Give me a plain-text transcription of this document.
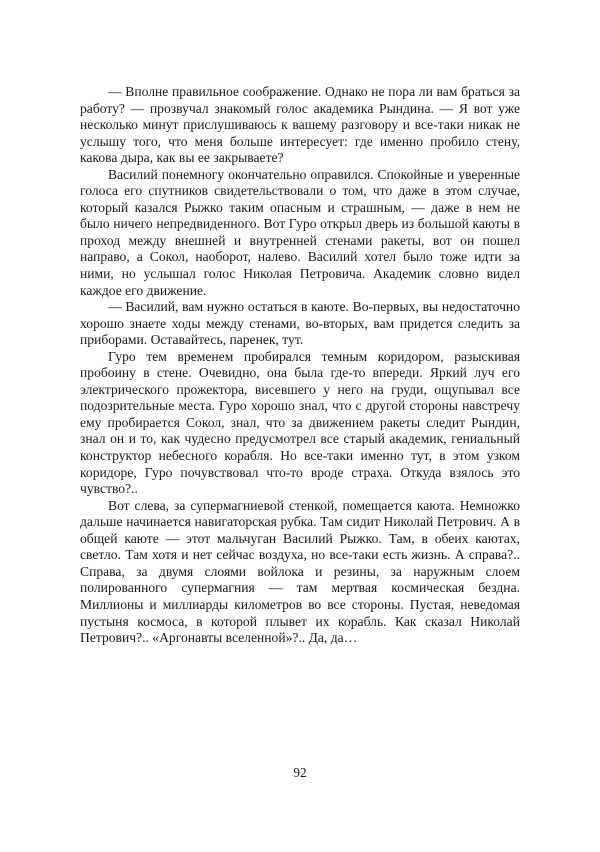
— Вполне правильное соображение. Однако не пора ли вам браться за работу? — прозвучал знакомый голос академика Рындина. — Я вот уже несколько минут прислушиваюсь к вашему разговору и все-таки никак не услышу того, что меня больше интересует: где именно пробило стену, какова дыра, как вы ее закрываете?

Василий понемногу окончательно оправился. Спокойные и уверенные голоса его спутников свидетельствовали о том, что даже в этом случае, который казался Рыжко таким опасным и страшным, — даже в нем не было ничего непредвиденного. Вот Гуро открыл дверь из большой каюты в проход между внешней и внутренней стенами ракеты, вот он пошел направо, а Сокол, наоборот, налево. Василий хотел было тоже идти за ними, но услышал голос Николая Петровича. Академик словно видел каждое его движение.

— Василий, вам нужно остаться в каюте. Во-первых, вы недостаточно хорошо знаете ходы между стенами, во-вторых, вам придется следить за приборами. Оставайтесь, паренек, тут.

Гуро тем временем пробирался темным коридором, разыскивая пробоину в стене. Очевидно, она была где-то впереди. Яркий луч его электрического прожектора, висевшего у него на груди, ощупывал все подозрительные места. Гуро хорошо знал, что с другой стороны навстречу ему пробирается Сокол, знал, что за движением ракеты следит Рындин, знал он и то, как чудесно предусмотрел все старый академик, гениальный конструктор небесного корабля. Но все-таки именно тут, в этом узком коридоре, Гуро почувствовал что-то вроде страха. Откуда взялось это чувство?..

Вот слева, за супермагниевой стенкой, помещается каюта. Немножко дальше начинается навигаторская рубка. Там сидит Николай Петрович. А в общей каюте — этот мальчуган Василий Рыжко. Там, в обеих каютах, светло. Там хотя и нет сейчас воздуха, но все-таки есть жизнь. А справа?.. Справа, за двумя слоями войлока и резины, за наружным слоем полированного супермагния — там мертвая космическая бездна. Миллионы и миллиарды километров во все стороны. Пустая, неведомая пустыня космоса, в которой плывет их корабль. Как сказал Николай Петрович?.. «Аргонавты вселенной»?.. Да, да…

92
